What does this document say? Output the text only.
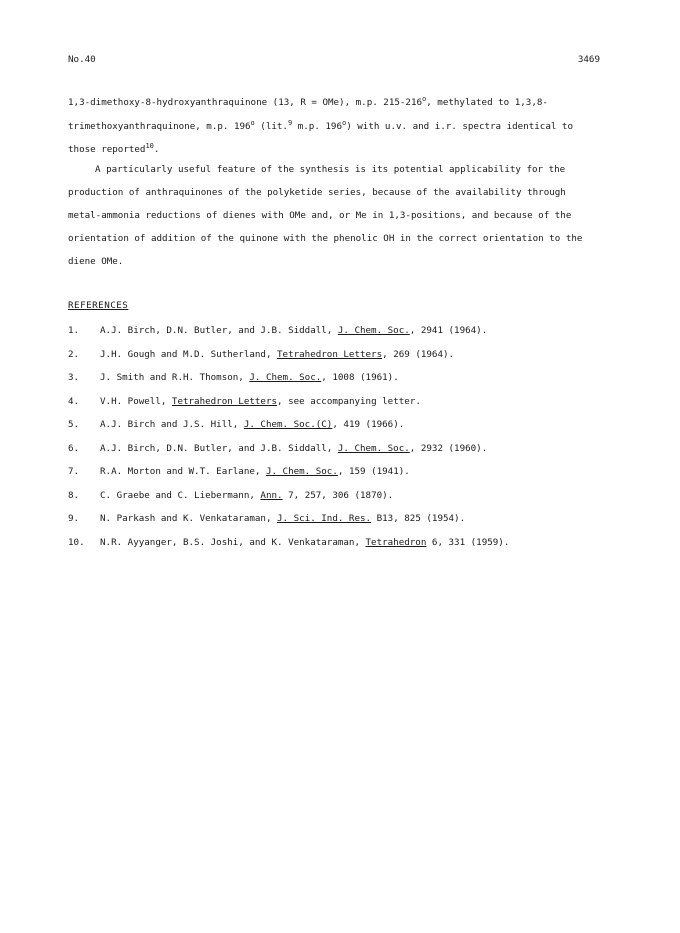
No.40	3469
1,3-dimethoxy-8-hydroxyanthraquinone (13, R = OMe), m.p. 215-216$^o$, methylated to 1,3,8-
trimethoxyanthraquinone, m.p. 196$^o$ (lit.$^9$ m.p. 196$^o$) with u.v. and i.r. spectra identical to
those reported$^{10}$.
A particularly useful feature of the synthesis is its potential applicability for the
production of anthraquinones of the polyketide series, because of the availability through
metal-ammonia reductions of dienes with OMe and, or Me in 1,3-positions, and because of the
orientation of addition of the quinone with the phenolic OH in the correct orientation to the
diene OMe.
REFERENCES
1. A.J. Birch, D.N. Butler, and J.B. Siddall, J. Chem. Soc., 2941 (1964).
2. J.H. Gough and M.D. Sutherland, Tetrahedron Letters, 269 (1964).
3. J. Smith and R.H. Thomson, J. Chem. Soc., 1008 (1961).
4. V.H. Powell, Tetrahedron Letters, see accompanying letter.
5. A.J. Birch and J.S. Hill, J. Chem. Soc.(C), 419 (1966).
6. A.J. Birch, D.N. Butler, and J.B. Siddall, J. Chem. Soc., 2932 (1960).
7. R.A. Morton and W.T. Earlane, J. Chem. Soc., 159 (1941).
8. C. Graebe and C. Liebermann, Ann. 7, 257, 306 (1870).
9. N. Parkash and K. Venkataraman, J. Sci. Ind. Res. B13, 825 (1954).
10. N.R. Ayyanger, B.S. Joshi, and K. Venkataraman, Tetrahedron 6, 331 (1959).
